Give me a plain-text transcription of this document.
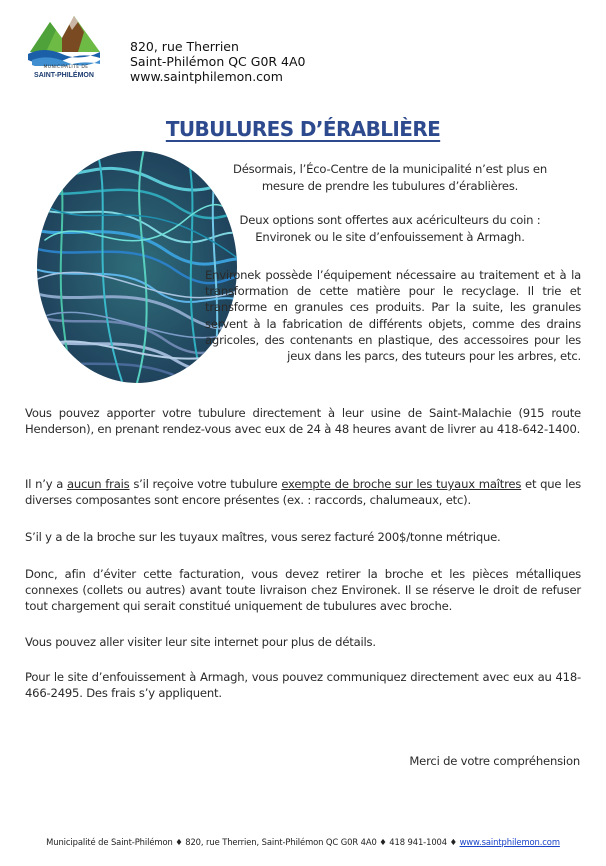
MUNICIPALITÉ DE
SAINT-PHILÉMON
820, rue Therrien
Saint-Philémon QC G0R 4A0
www.saintphilemon.com
TUBULURES D’ÉRABLIÈRE
Désormais, l’Éco-Centre de la municipalité n’est plus en
mesure de prendre les tubulures d’érablières.
Deux options sont offertes aux acériculteurs du coin :
Environek ou le site d’enfouissement à Armagh.
Environek possède l’équipement nécessaire au traitement et à la transformation de cette matière pour le recyclage. Il trie et transforme en granules ces produits. Par la suite, les granules servent à la fabrication de différents objets, comme des drains agricoles, des contenants en plastique, des accessoires pour les jeux dans les parcs, des tuteurs pour les arbres, etc.
Vous pouvez apporter votre tubulure directement à leur usine de Saint-Malachie (915 route Henderson), en prenant rendez-vous avec eux de 24 à 48 heures avant de livrer au 418-642-1400.
Il n’y a aucun frais s’il reçoive votre tubulure exempte de broche sur les tuyaux maîtres et que les diverses composantes sont encore présentes (ex. : raccords, chalumeaux, etc).
S’il y a de la broche sur les tuyaux maîtres, vous serez facturé 200$/tonne métrique.
Donc, afin d’éviter cette facturation, vous devez retirer la broche et les pièces métalliques connexes (collets ou autres) avant toute livraison chez Environek. Il se réserve le droit de refuser tout chargement qui serait constitué uniquement de tubulures avec broche.
Vous pouvez aller visiter leur site internet pour plus de détails.
Pour le site d’enfouissement à Armagh, vous pouvez communiquez directement avec eux au 418-466-2495. Des frais s’y appliquent.
Merci de votre compréhension
Municipalité de Saint-Philémon ♦ 820, rue Therrien, Saint-Philémon QC G0R 4A0 ♦ 418 941-1004 ♦ www.saintphilemon.com
